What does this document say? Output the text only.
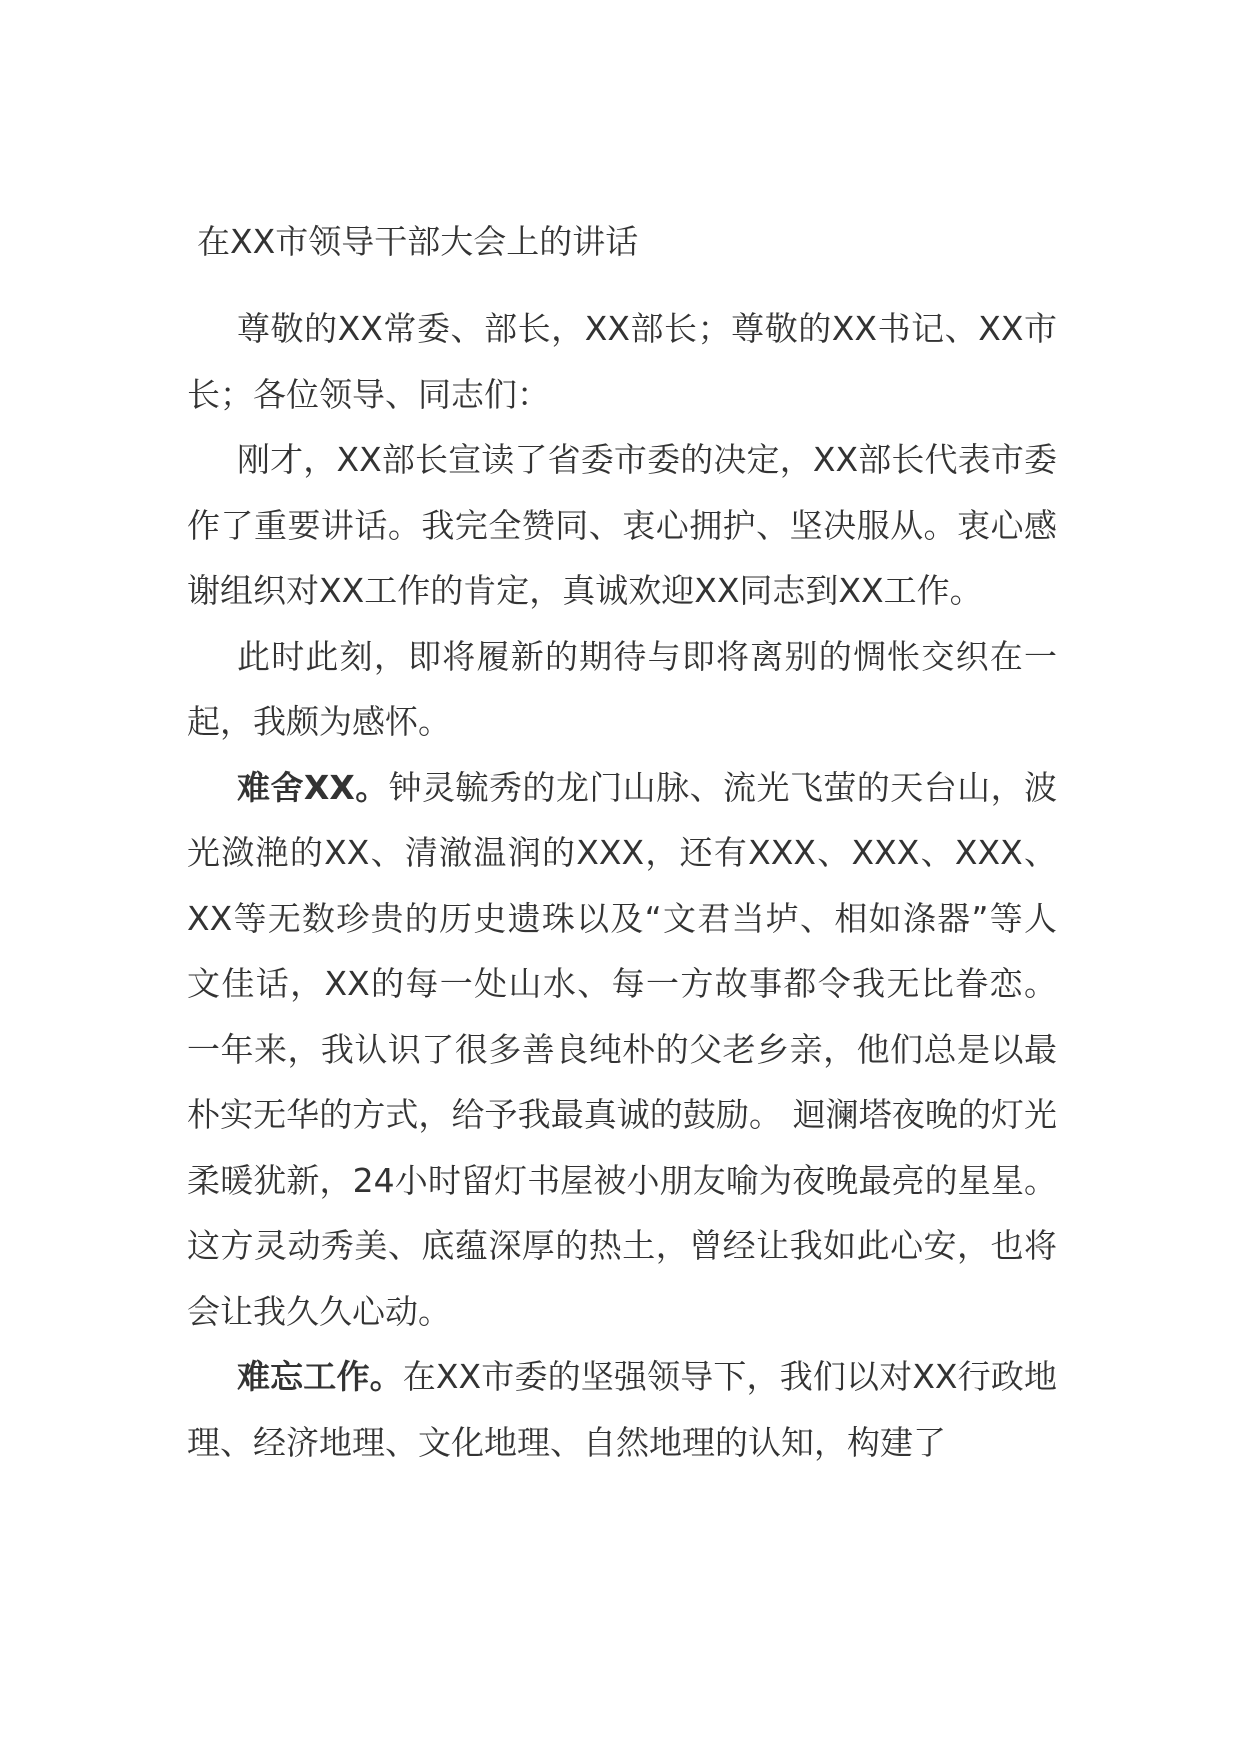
在XX市领导干部大会上的讲话

尊敬的XX常委、部长，XX部长；尊敬的XX书记、XX市长；各位领导、同志们：

刚才，XX部长宣读了省委市委的决定，XX部长代表市委作了重要讲话。我完全赞同、衷心拥护、坚决服从。衷心感谢组织对XX工作的肯定，真诚欢迎XX同志到XX工作。

此时此刻，即将履新的期待与即将离别的惆怅交织在一起，我颇为感怀。

难舍XX。钟灵毓秀的龙门山脉、流光飞萤的天台山，波光潋滟的XX、清澈温润的XXX，还有XXX、XXX、XXX、XX等无数珍贵的历史遗珠以及“文君当垆、相如涤器”等人文佳话，XX的每一处山水、每一方故事都令我无比眷恋。一年来，我认识了很多善良纯朴的父老乡亲，他们总是以最朴实无华的方式，给予我最真诚的鼓励。 迴澜塔夜晚的灯光柔暖犹新，24小时留灯书屋被小朋友喻为夜晚最亮的星星。这方灵动秀美、底蕴深厚的热土，曾经让我如此心安，也将会让我久久心动。

难忘工作。在XX市委的坚强领导下，我们以对XX行政地理、经济地理、文化地理、自然地理的认知，构建了
